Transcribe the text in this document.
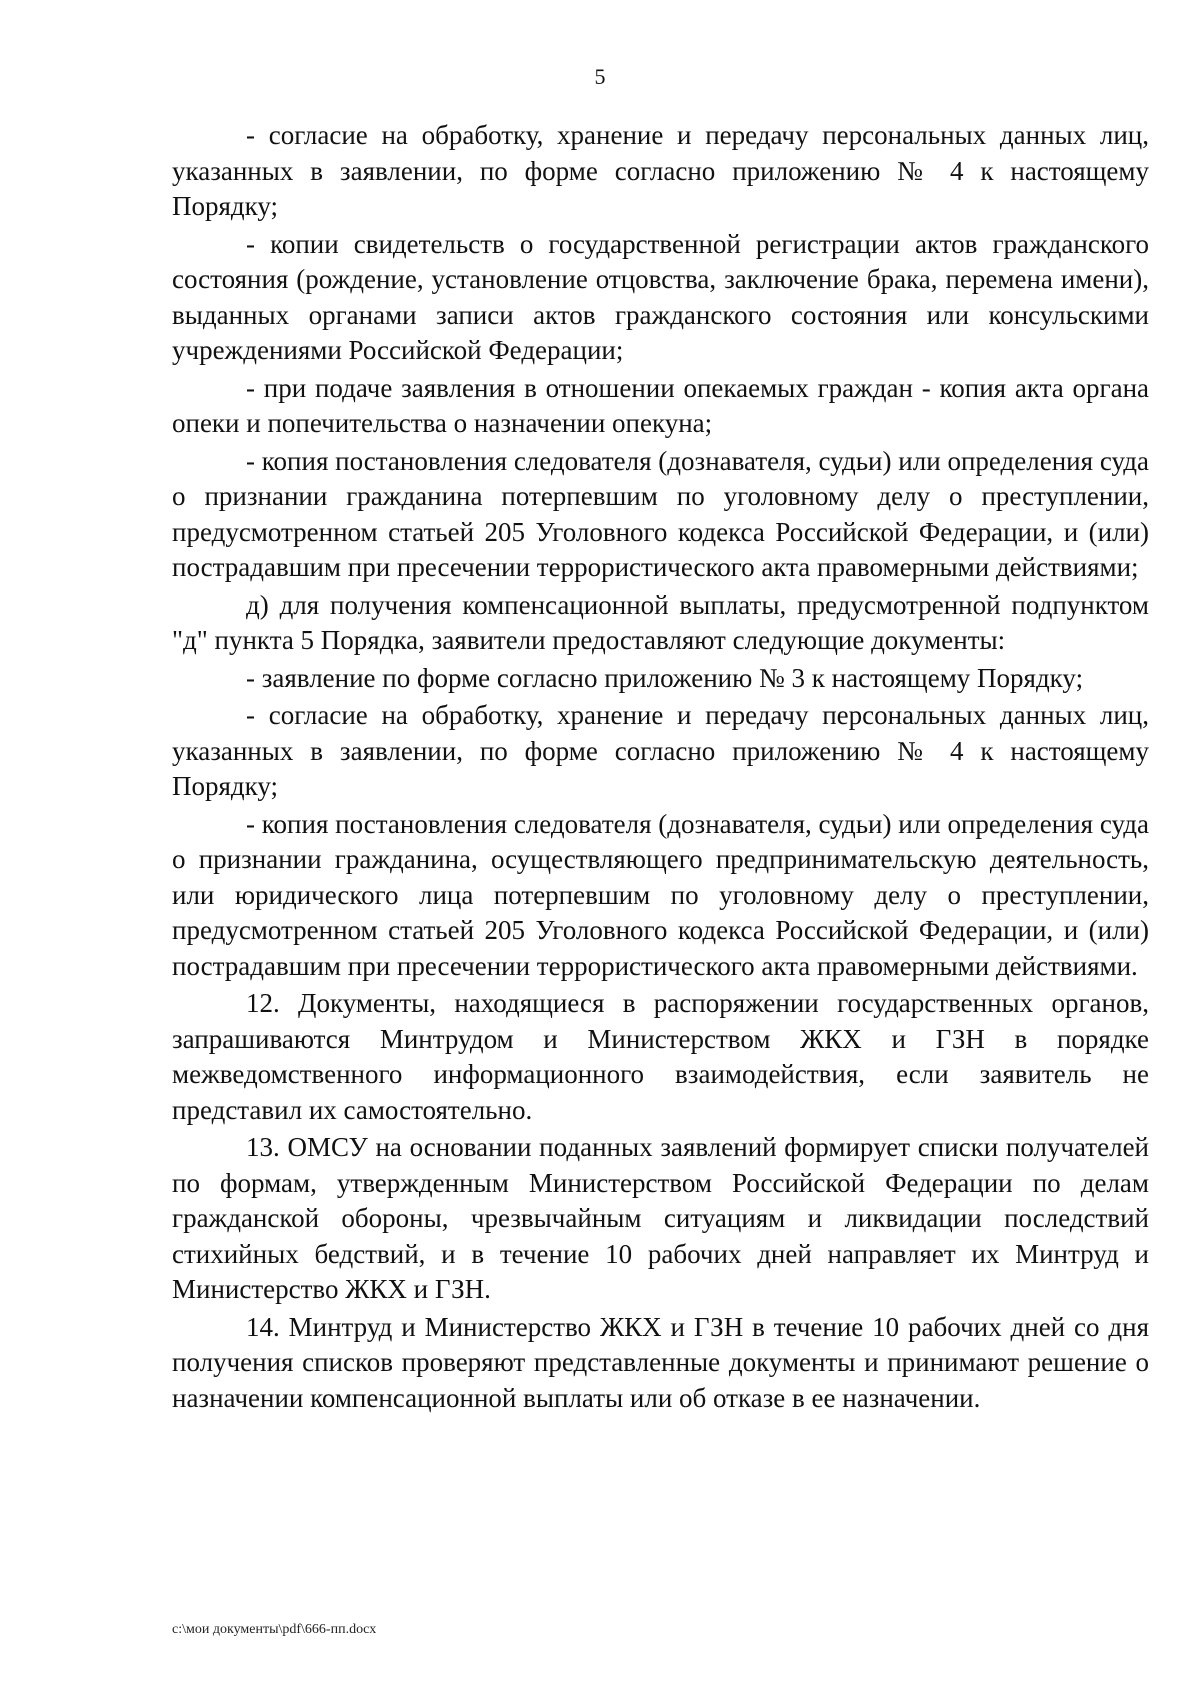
5

- согласие на обработку, хранение и передачу персональных данных лиц, указанных в заявлении, по форме согласно приложению № 4 к настоящему Порядку;

- копии свидетельств о государственной регистрации актов гражданского состояния (рождение, установление отцовства, заключение брака, перемена имени), выданных органами записи актов гражданского состояния или консульскими учреждениями Российской Федерации;

- при подаче заявления в отношении опекаемых граждан - копия акта органа опеки и попечительства о назначении опекуна;

- копия постановления следователя (дознавателя, судьи) или определения суда о признании гражданина потерпевшим по уголовному делу о преступлении, предусмотренном статьей 205 Уголовного кодекса Российской Федерации, и (или) пострадавшим при пресечении террористического акта правомерными действиями;

д) для получения компенсационной выплаты, предусмотренной подпунктом "д" пункта 5 Порядка, заявители предоставляют следующие документы:

- заявление по форме согласно приложению № 3 к настоящему Порядку;

- согласие на обработку, хранение и передачу персональных данных лиц, указанных в заявлении, по форме согласно приложению № 4 к настоящему Порядку;

- копия постановления следователя (дознавателя, судьи) или определения суда о признании гражданина, осуществляющего предпринимательскую деятельность, или юридического лица потерпевшим по уголовному делу о преступлении, предусмотренном статьей 205 Уголовного кодекса Российской Федерации, и (или) пострадавшим при пресечении террористического акта правомерными действиями.

12. Документы, находящиеся в распоряжении государственных органов, запрашиваются Минтрудом и Министерством ЖКХ и ГЗН в порядке межведомственного информационного взаимодействия, если заявитель не представил их самостоятельно.

13. ОМСУ на основании поданных заявлений формирует списки получателей по формам, утвержденным Министерством Российской Федерации по делам гражданской обороны, чрезвычайным ситуациям и ликвидации последствий стихийных бедствий, и в течение 10 рабочих дней направляет их Минтруд и Министерство ЖКХ и ГЗН.

14. Минтруд и Министерство ЖКХ и ГЗН в течение 10 рабочих дней со дня получения списков проверяют представленные документы и принимают решение о назначении компенсационной выплаты или об отказе в ее назначении.

c:\мои документы\pdf\666-пп.docx
